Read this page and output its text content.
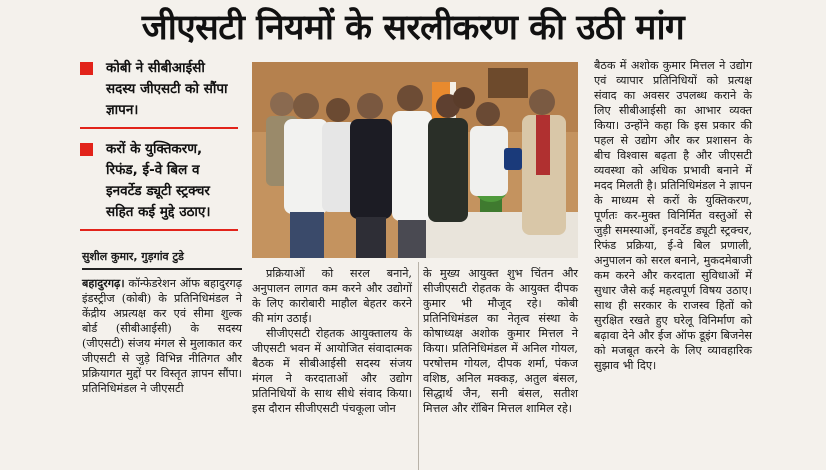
जीएसटी नियमों के सरलीकरण की उठी मांग
कोबी ने सीबीआईसी सदस्य जीएसटी को सौंपा ज्ञापन।
करों के युक्तिकरण, रिफंड, ई-वे बिल व इनवर्टेड ड्यूटी स्ट्रक्चर सहित कई मुद्दे उठाए।
सुशील कुमार, गुड़गांव टुडे
बहादुरगढ़। कॉन्फेडरेशन ऑफ बहादुरगढ़ इंडस्ट्रीज (कोबी) के प्रतिनिधिमंडल ने केंद्रीय अप्रत्यक्ष कर एवं सीमा शुल्क बोर्ड (सीबीआईसी) के सदस्य (जीएसटी) संजय मंगल से मुलाकात कर जीएसटी से जुड़े विभिन्न नीतिगत और प्रक्रियागत मुद्दों पर विस्तृत ज्ञापन सौंपा। प्रतिनिधिमंडल ने जीएसटी
प्रक्रियाओं को सरल बनाने, अनुपालन लागत कम करने और उद्योगों के लिए कारोबारी माहौल बेहतर करने की मांग उठाई।
सीजीएसटी रोहतक आयुक्तालय के जीएसटी भवन में आयोजित संवादात्मक बैठक में सीबीआईसी सदस्य संजय मंगल ने करदाताओं और उद्योग प्रतिनिधियों के साथ सीधे संवाद किया। इस दौरान सीजीएसटी पंचकूला जोन
के मुख्य आयुक्त शुभ चिंतन और सीजीएसटी रोहतक के आयुक्त दीपक कुमार भी मौजूद रहे। कोबी प्रतिनिधिमंडल का नेतृत्व संस्था के कोषाध्यक्ष अशोक कुमार मित्तल ने किया। प्रतिनिधिमंडल में अनिल गोयल, परषोत्तम गोयल, दीपक शर्मा, पंकज वशिष्ठ, अनिल मक्कड़, अतुल बंसल, सिद्धार्थ जैन, सनी बंसल, सतीश मित्तल और रॉबिन मित्तल शामिल रहे।
बैठक में अशोक कुमार मित्तल ने उद्योग एवं व्यापार प्रतिनिधियों को प्रत्यक्ष संवाद का अवसर उपलब्ध कराने के लिए सीबीआईसी का आभार व्यक्त किया। उन्होंने कहा कि इस प्रकार की पहल से उद्योग और कर प्रशासन के बीच विश्वास बढ़ता है और जीएसटी व्यवस्था को अधिक प्रभावी बनाने में मदद मिलती है। प्रतिनिधिमंडल ने ज्ञापन के माध्यम से करों के युक्तिकरण, पूर्णतः कर-मुक्त विनिर्मित वस्तुओं से जुड़ी समस्याओं, इनवर्टेड ड्यूटी स्ट्रक्चर, रिफंड प्रक्रिया, ई-वे बिल प्रणाली, अनुपालन को सरल बनाने, मुकदमेबाजी कम करने और करदाता सुविधाओं में सुधार जैसे कई महत्वपूर्ण विषय उठाए। साथ ही सरकार के राजस्व हितों को सुरक्षित रखते हुए घरेलू विनिर्माण को बढ़ावा देने और ईज ऑफ डूइंग बिजनेस को मजबूत करने के लिए व्यावहारिक सुझाव भी दिए।
